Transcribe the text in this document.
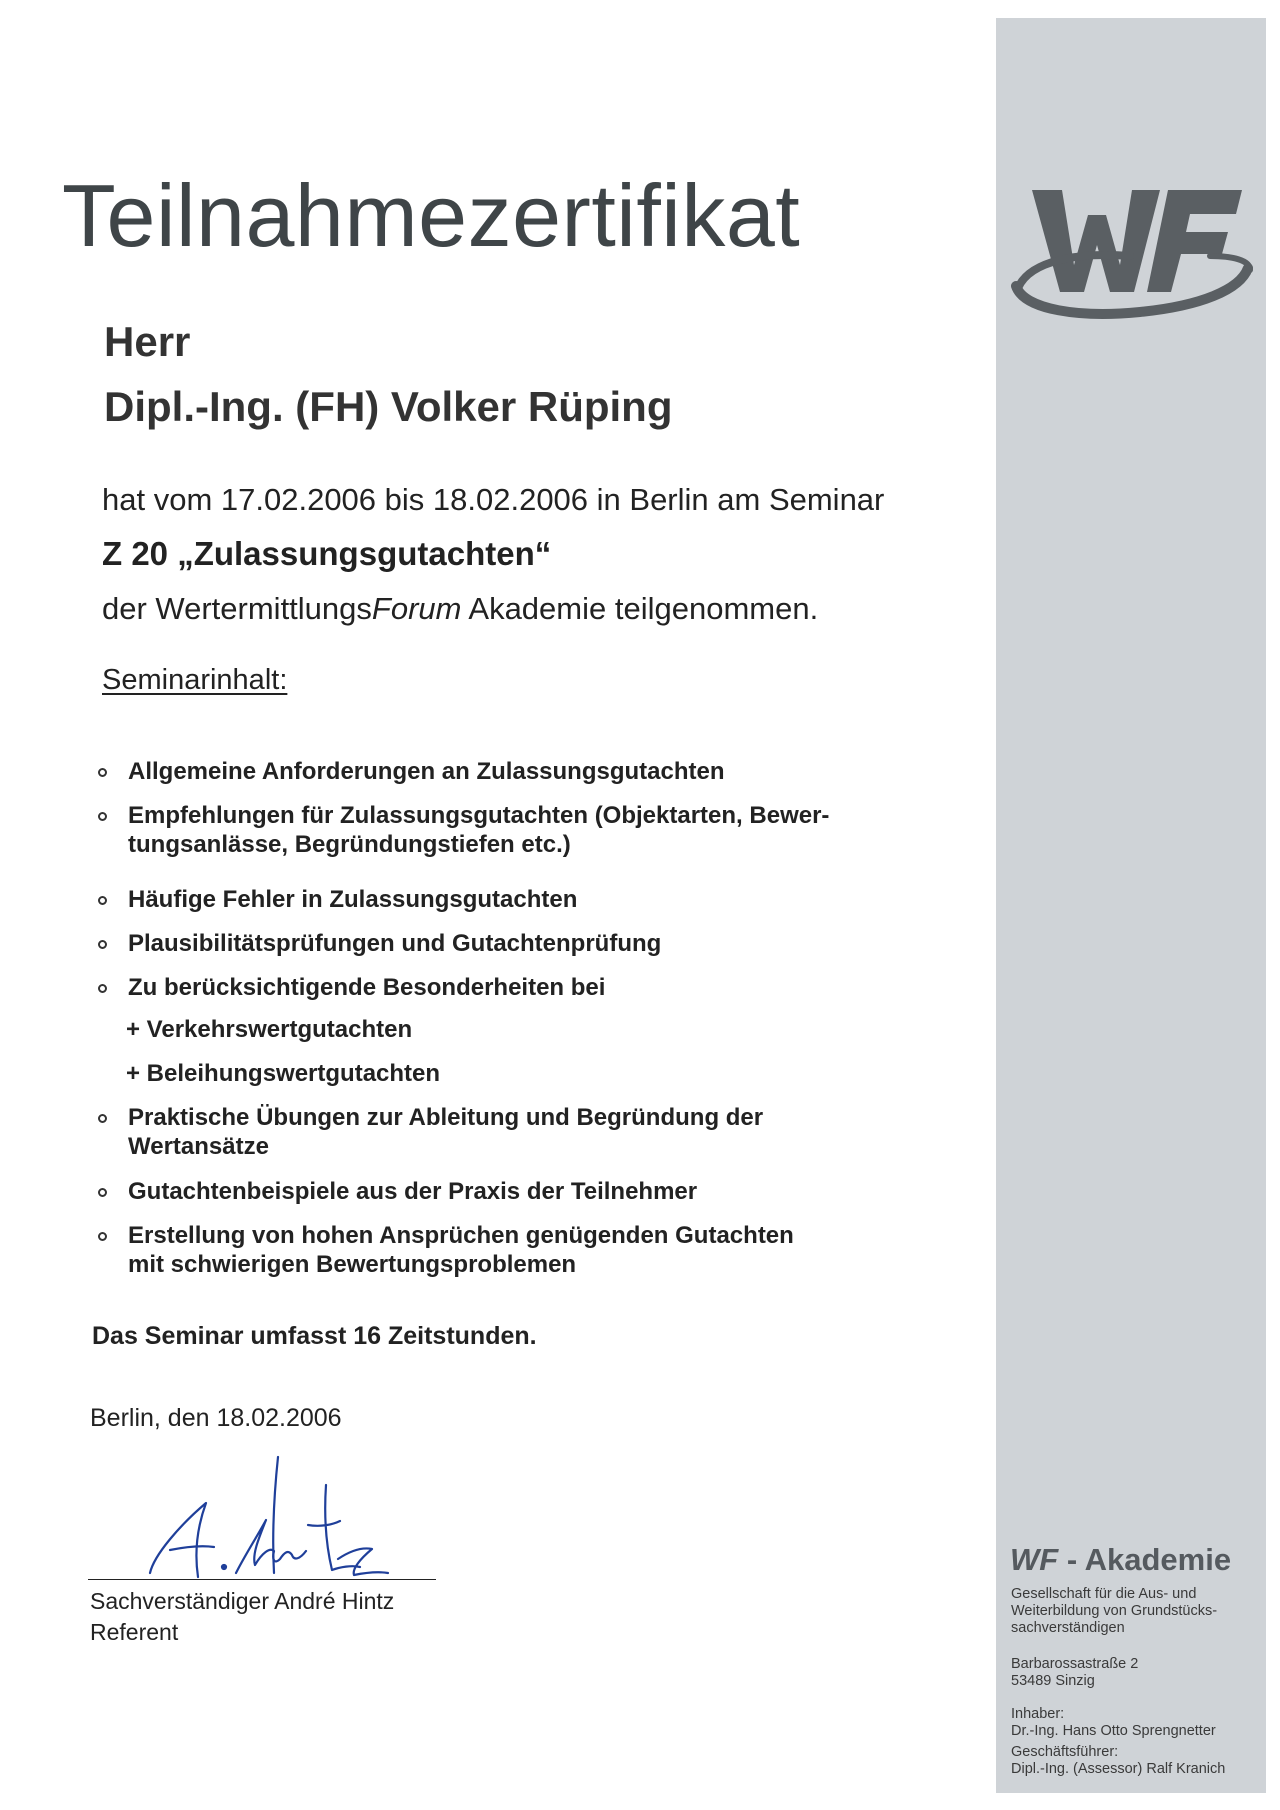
Teilnahmezertifikat
Herr
Dipl.-Ing. (FH) Volker Rüping
hat vom 17.02.2006 bis 18.02.2006 in Berlin am Seminar
Z 20 „Zulassungsgutachten“
der WertermittlungsForum Akademie teilgenommen.
Seminarinhalt:
Allgemeine Anforderungen an Zulassungsgutachten
Empfehlungen für Zulassungsgutachten (Objektarten, Bewer-
tungsanlässe, Begründungstiefen etc.)
Häufige Fehler in Zulassungsgutachten
Plausibilitätsprüfungen und Gutachtenprüfung
Zu berücksichtigende Besonderheiten bei
Praktische Übungen zur Ableitung und Begründung der
Wertansätze
Gutachtenbeispiele aus der Praxis der Teilnehmer
Erstellung von hohen Ansprüchen genügenden Gutachten
mit schwierigen Bewertungsproblemen
+ Verkehrswertgutachten
+ Beleihungswertgutachten
Das Seminar umfasst 16 Zeitstunden.
Berlin, den 18.02.2006
Sachverständiger André Hintz
Referent
WF - Akademie
Gesellschaft für die Aus- und
Weiterbildung von Grundstücks-
sachverständigen
Barbarossastraße 2
53489 Sinzig
Inhaber:
Dr.-Ing. Hans Otto Sprengnetter
Geschäftsführer:
Dipl.-Ing. (Assessor) Ralf Kranich
